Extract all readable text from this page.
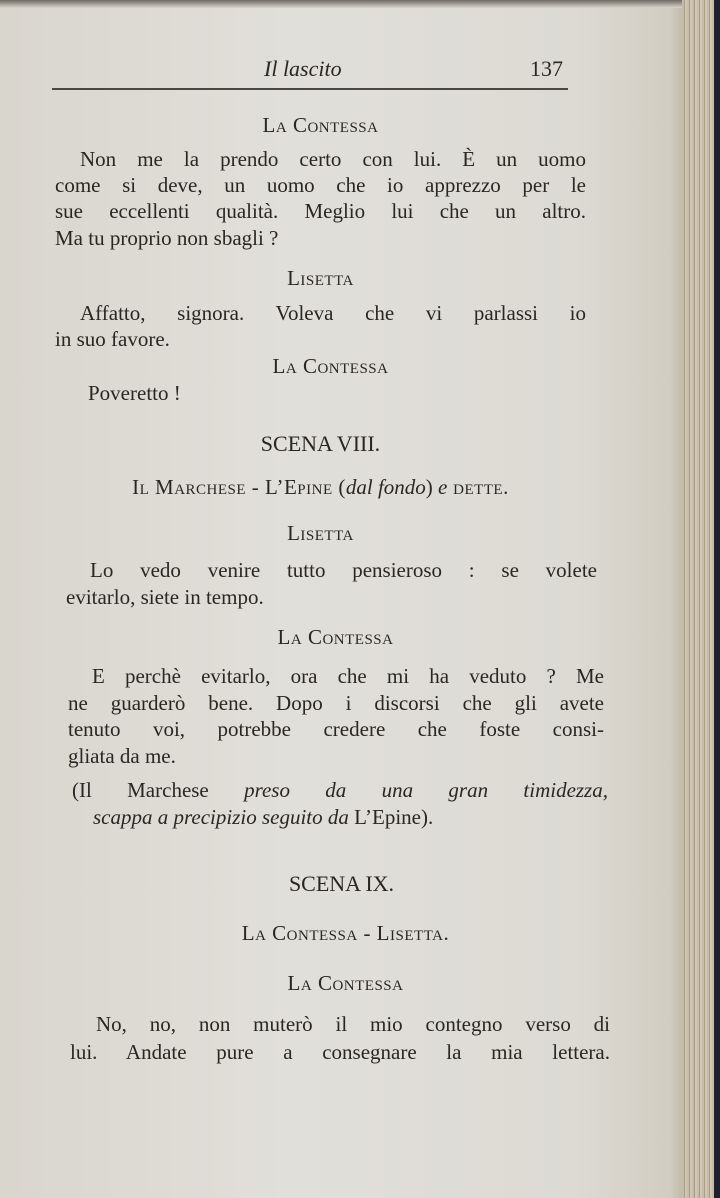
Il lascito	137
La Contessa
Non me la prendo certo con lui. È un uomo
come si deve, un uomo che io apprezzo per le
sue eccellenti qualità. Meglio lui che un altro.
Ma tu proprio non sbagli ?
Lisetta
Affatto, signora. Voleva che vi parlassi io
in suo favore.
La Contessa
Poveretto !
SCENA VIII.
Il Marchese - L’Epine (dal fondo) e dette.
Lisetta
Lo vedo venire tutto pensieroso : se volete
evitarlo, siete in tempo.
La Contessa
E perchè evitarlo, ora che mi ha veduto ? Me
ne guarderò bene. Dopo i discorsi che gli avete
tenuto voi, potrebbe credere che foste consi-
gliata da me.
(Il Marchese preso da una gran timidezza,
scappa a precipizio seguito da L’Epine).
SCENA IX.
La Contessa - Lisetta.
La Contessa
No, no, non muterò il mio contegno verso di
lui. Andate pure a consegnare la mia lettera.
